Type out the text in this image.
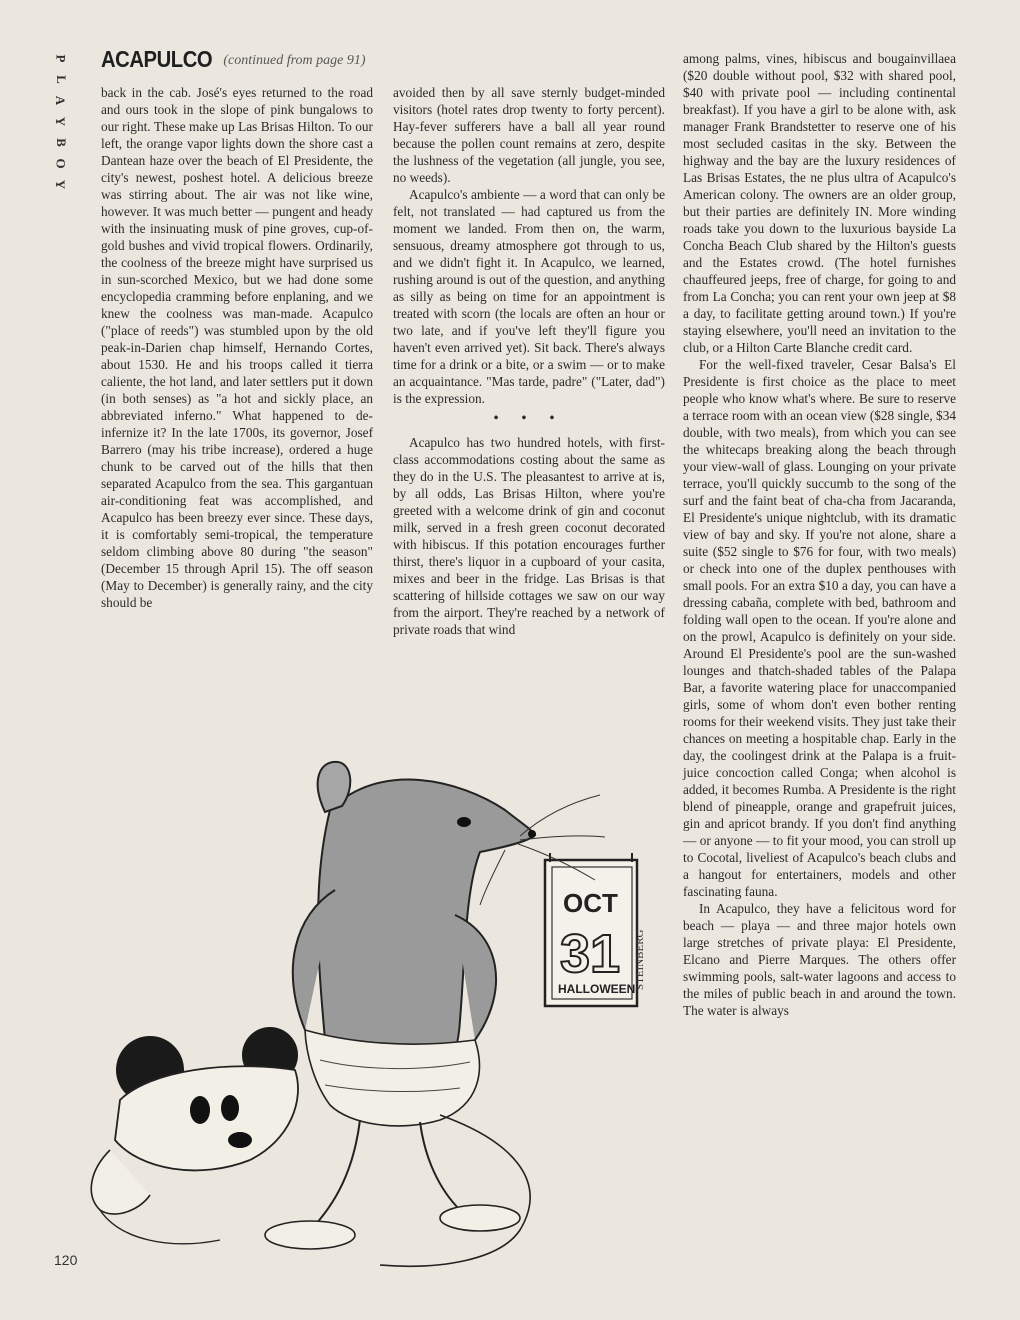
P
L
A
Y
B
O
Y
ACAPULCO (continued from page 91)

back in the cab. José's eyes returned to the road and ours took in the slope of pink bungalows to our right. These make up Las Brisas Hilton. To our left, the orange vapor lights down the shore cast a Dantean haze over the beach of El Presidente, the city's newest, poshest hotel. A delicious breeze was stirring about. The air was not like wine, however. It was much better — pungent and heady with the insinuating musk of pine groves, cup-of-gold bushes and vivid tropical flowers. Ordinarily, the coolness of the breeze might have surprised us in sun-scorched Mexico, but we had done some encyclopedia cramming before enplaning, and we knew the coolness was man-made. Acapulco ("place of reeds") was stumbled upon by the old peak-in-Darien chap himself, Hernando Cortes, about 1530. He and his troops called it tierra caliente, the hot land, and later settlers put it down (in both senses) as "a hot and sickly place, an abbreviated inferno." What happened to de-infernize it? In the late 1700s, its governor, Josef Barrero (may his tribe increase), ordered a huge chunk to be carved out of the hills that then separated Acapulco from the sea. This gargantuan air-conditioning feat was accomplished, and Acapulco has been breezy ever since. These days, it is comfortably semi-tropical, the temperature seldom climbing above 80 during "the season" (December 15 through April 15). The off season (May to December) is generally rainy, and the city should be

avoided then by all save sternly budget-minded visitors (hotel rates drop twenty to forty percent). Hay-fever sufferers have a ball all year round because the pollen count remains at zero, despite the lushness of the vegetation (all jungle, you see, no weeds).

Acapulco's ambiente — a word that can only be felt, not translated — had captured us from the moment we landed. From then on, the warm, sensuous, dreamy atmosphere got through to us, and we didn't fight it. In Acapulco, we learned, rushing around is out of the question, and anything as silly as being on time for an appointment is treated with scorn (the locals are often an hour or two late, and if you've left they'll figure you haven't even arrived yet). Sit back. There's always time for a drink or a bite, or a swim — or to make an acquaintance. "Mas tarde, padre" ("Later, dad") is the expression.

• • •

Acapulco has two hundred hotels, with first-class accommodations costing about the same as they do in the U.S. The pleasantest to arrive at is, by all odds, Las Brisas Hilton, where you're greeted with a welcome drink of gin and coconut milk, served in a fresh green coconut decorated with hibiscus. If this potation encourages further thirst, there's liquor in a cupboard of your casita, mixes and beer in the fridge. Las Brisas is that scattering of hillside cottages we saw on our way from the airport. They're reached by a network of private roads that wind

among palms, vines, hibiscus and bougainvillaea ($20 double without pool, $32 with shared pool, $40 with private pool — including continental breakfast). If you have a girl to be alone with, ask manager Frank Brandstetter to reserve one of his most secluded casitas in the sky. Between the highway and the bay are the luxury residences of Las Brisas Estates, the ne plus ultra of Acapulco's American colony. The owners are an older group, but their parties are definitely IN. More winding roads take you down to the luxurious bayside La Concha Beach Club shared by the Hilton's guests and the Estates crowd. (The hotel furnishes chauffeured jeeps, free of charge, for going to and from La Concha; you can rent your own jeep at $8 a day, to facilitate getting around town.) If you're staying elsewhere, you'll need an invitation to the club, or a Hilton Carte Blanche credit card.

For the well-fixed traveler, Cesar Balsa's El Presidente is first choice as the place to meet people who know what's where. Be sure to reserve a terrace room with an ocean view ($28 single, $34 double, with two meals), from which you can see the whitecaps breaking along the beach through your view-wall of glass. Lounging on your private terrace, you'll quickly succumb to the song of the surf and the faint beat of cha-cha from Jacaranda, El Presidente's unique nightclub, with its dramatic view of bay and sky. If you're not alone, share a suite ($52 single to $76 for four, with two meals) or check into one of the duplex penthouses with small pools. For an extra $10 a day, you can have a dressing cabaña, complete with bed, bathroom and folding wall open to the ocean. If you're alone and on the prowl, Acapulco is definitely on your side. Around El Presidente's pool are the sun-washed lounges and thatch-shaded tables of the Palapa Bar, a favorite watering place for unaccompanied girls, some of whom don't even bother renting rooms for their weekend visits. They just take their chances on meeting a hospitable chap. Early in the day, the coolingest drink at the Palapa is a fruit-juice concoction called Conga; when alcohol is added, it becomes Rumba. A Presidente is the right blend of pineapple, orange and grapefruit juices, gin and apricot brandy. If you don't find anything — or anyone — to fit your mood, you can stroll up to Cocotal, liveliest of Acapulco's beach clubs and a hangout for entertainers, models and other fascinating fauna.

In Acapulco, they have a felicitous word for beach — playa — and three major hotels own large stretches of private playa: El Presidente, Elcano and Pierre Marques. The others offer swimming pools, salt-water lagoons and access to the miles of public beach in and around the town. The water is always

OCT
31
HALLOWEEN
STEINBERG
120
